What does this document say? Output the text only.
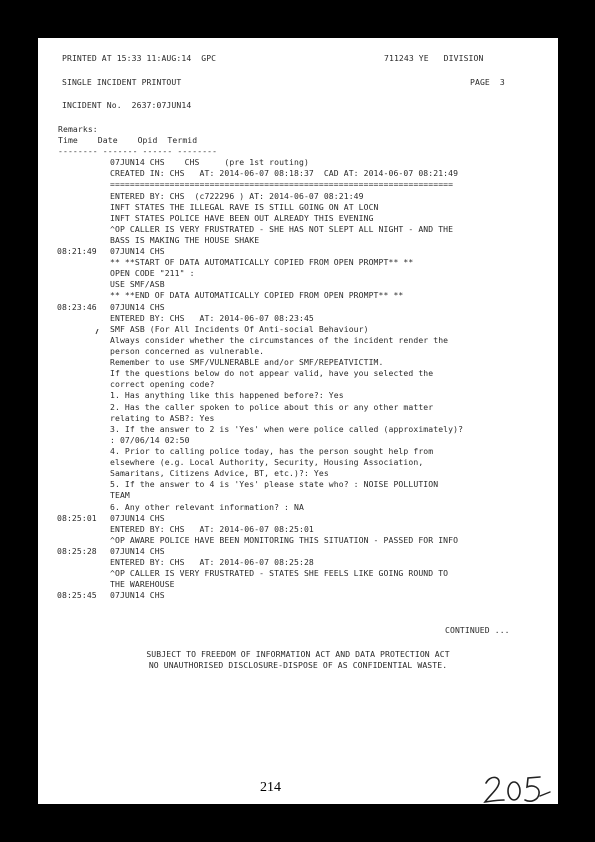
PRINTED AT 15:33 11:AUG:14  GPC	711243 YE   DIVISION
SINGLE INCIDENT PRINTOUT	PAGE  3
INCIDENT No.  2637:07JUN14
Remarks:
Time    Date    Opid  Termid
-------- ------- ------ --------
07JUN14 CHS    CHS     (pre 1st routing)
CREATED IN: CHS   AT: 2014-06-07 08:18:37  CAD AT: 2014-06-07 08:21:49
=====================================================================
ENTERED BY: CHS  (c722296 ) AT: 2014-06-07 08:21:49
INFT STATES THE ILLEGAL RAVE IS STILL GOING ON AT LOCN
INFT STATES POLICE HAVE BEEN OUT ALREADY THIS EVENING
^OP CALLER IS VERY FRUSTRATED - SHE HAS NOT SLEPT ALL NIGHT - AND THE
BASS IS MAKING THE HOUSE SHAKE
08:21:49 07JUN14 CHS
** **START OF DATA AUTOMATICALLY COPIED FROM OPEN PROMPT** **
OPEN CODE "211" :
USE SMF/ASB
** **END OF DATA AUTOMATICALLY COPIED FROM OPEN PROMPT** **
08:23:46 07JUN14 CHS
ENTERED BY: CHS   AT: 2014-06-07 08:23:45
SMF ASB (For All Incidents Of Anti-social Behaviour)
Always consider whether the circumstances of the incident render the
person concerned as vulnerable.
Remember to use SMF/VULNERABLE and/or SMF/REPEATVICTIM.
If the questions below do not appear valid, have you selected the
correct opening code?
1. Has anything like this happened before?: Yes
2. Has the caller spoken to police about this or any other matter
relating to ASB?: Yes
3. If the answer to 2 is 'Yes' when were police called (approximately)?
: 07/06/14 02:50
4. Prior to calling police today, has the person sought help from
elsewhere (e.g. Local Authority, Security, Housing Association,
Samaritans, Citizens Advice, BT, etc.)?: Yes
5. If the answer to 4 is 'Yes' please state who? : NOISE POLLUTION
TEAM
6. Any other relevant information? : NA
08:25:01 07JUN14 CHS
ENTERED BY: CHS   AT: 2014-06-07 08:25:01
^OP AWARE POLICE HAVE BEEN MONITORING THIS SITUATION - PASSED FOR INFO
08:25:28 07JUN14 CHS
ENTERED BY: CHS   AT: 2014-06-07 08:25:28
^OP CALLER IS VERY FRUSTRATED - STATES SHE FEELS LIKE GOING ROUND TO
THE WAREHOUSE
08:25:45 07JUN14 CHS
CONTINUED ...
SUBJECT TO FREEDOM OF INFORMATION ACT AND DATA PROTECTION ACT
NO UNAUTHORISED DISCLOSURE-DISPOSE OF AS CONFIDENTIAL WASTE.
214
